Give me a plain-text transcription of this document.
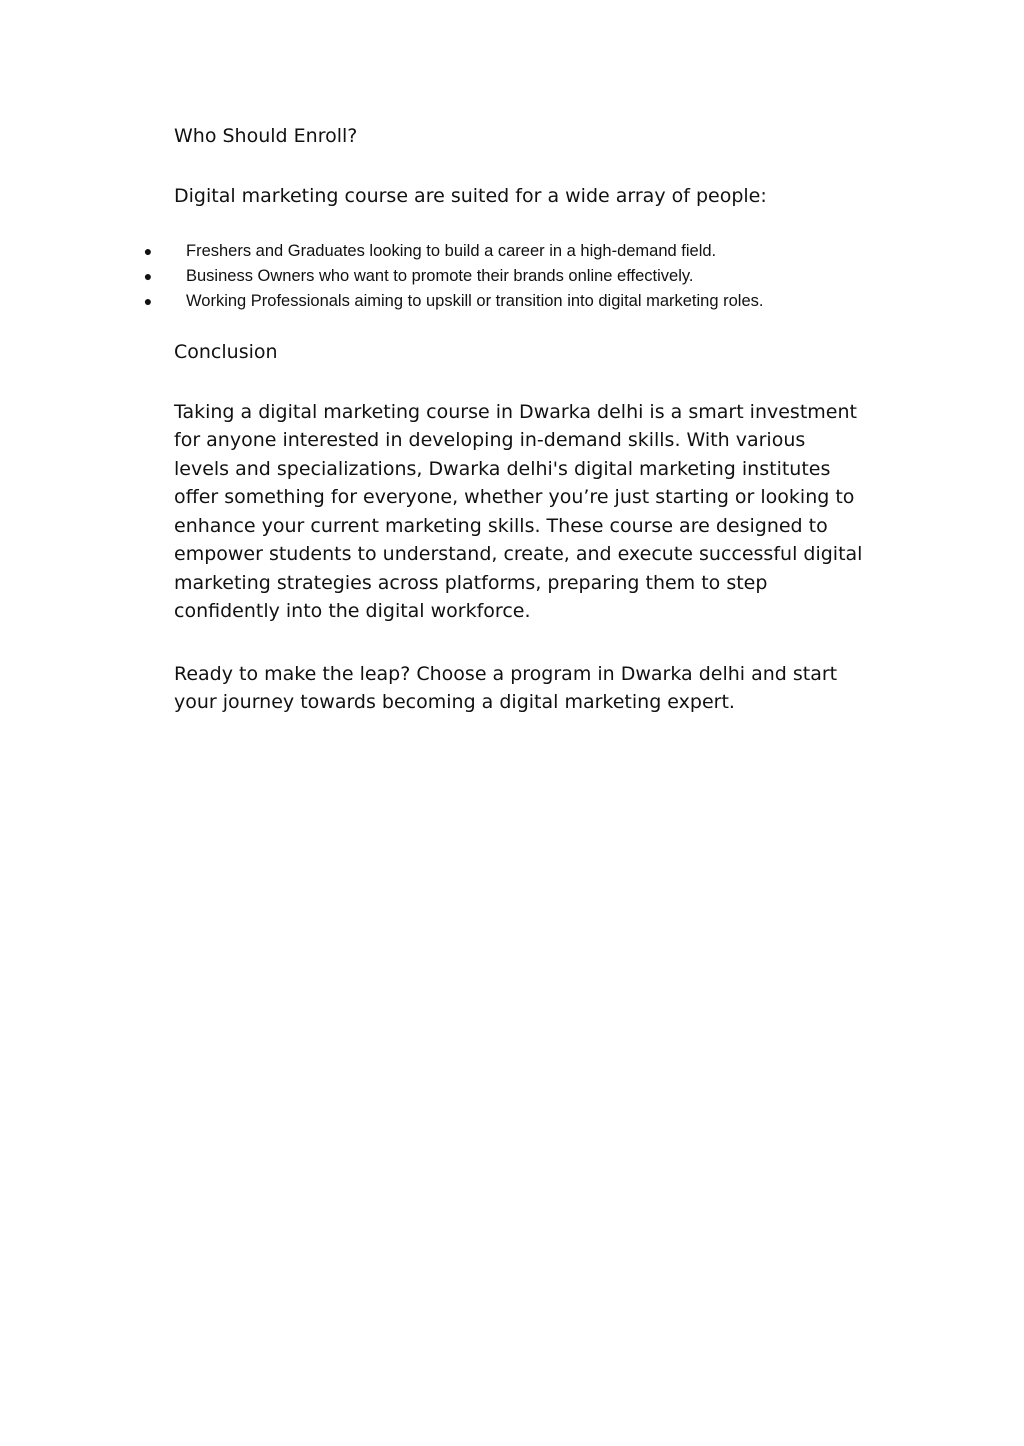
Who Should Enroll?
Digital marketing course are suited for a wide array of people:
● Freshers and Graduates looking to build a career in a high-demand field.
● Business Owners who want to promote their brands online effectively.
● Working Professionals aiming to upskill or transition into digital marketing roles.
Conclusion
Taking a digital marketing course in Dwarka delhi is a smart investment for anyone interested in developing in-demand skills. With various levels and specializations, Dwarka delhi's digital marketing institutes offer something for everyone, whether you’re just starting or looking to enhance your current marketing skills. These course are designed to empower students to understand, create, and execute successful digital marketing strategies across platforms, preparing them to step confidently into the digital workforce.
Ready to make the leap? Choose a program in Dwarka delhi and start your journey towards becoming a digital marketing expert.
